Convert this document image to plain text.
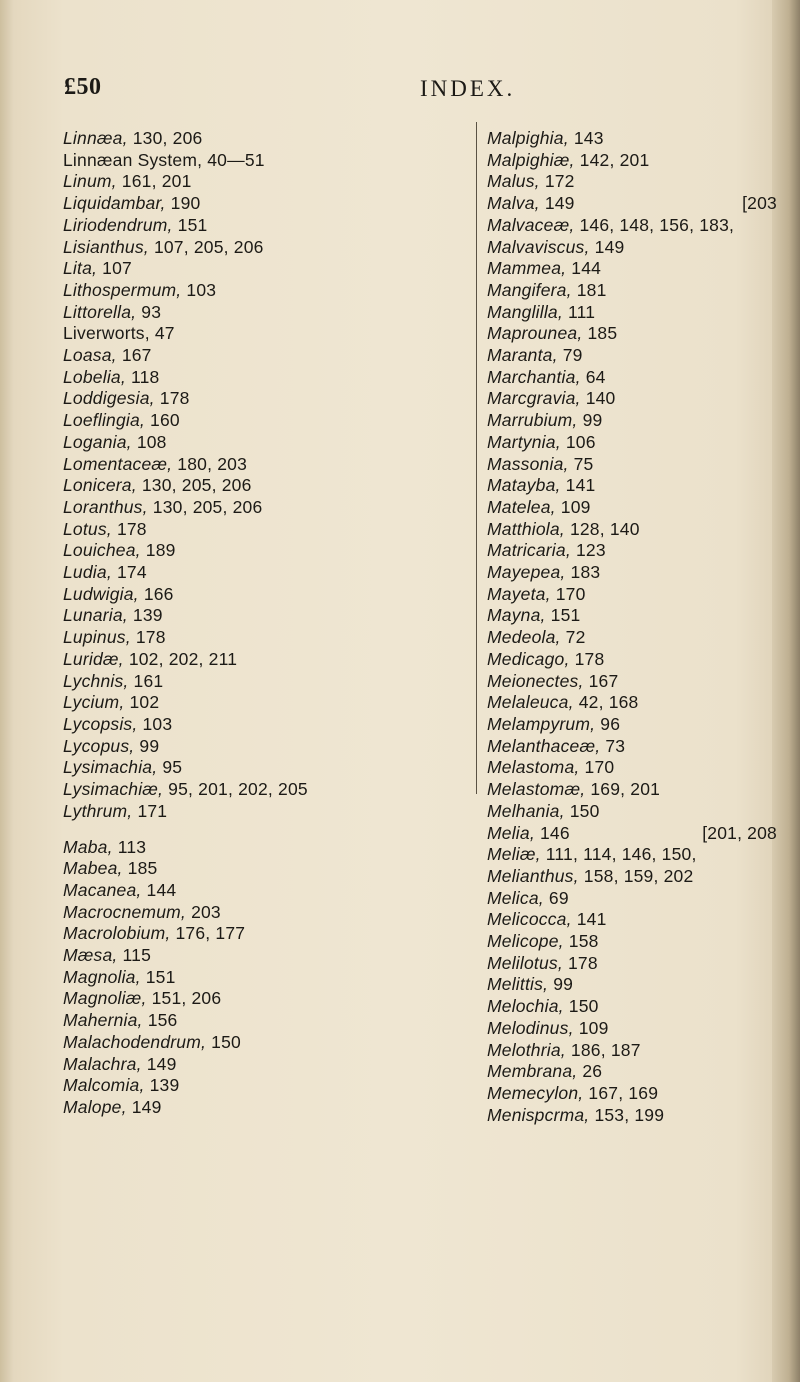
£50	INDEX.
Linnæa, 130, 206
Linnæan System, 40—51
Linum, 161, 201
Liquidambar, 190
Liriodendrum, 151
Lisianthus, 107, 205, 206
Lita, 107
Lithospermum, 103
Littorella, 93
Liverworts, 47
Loasa, 167
Lobelia, 118
Loddigesia, 178
Loeflingia, 160
Logania, 108
Lomentaceæ, 180, 203
Lonicera, 130, 205, 206
Loranthus, 130, 205, 206
Lotus, 178
Louichea, 189
Ludia, 174
Ludwigia, 166
Lunaria, 139
Lupinus, 178
Luridæ, 102, 202, 211
Lychnis, 161
Lycium, 102
Lycopsis, 103
Lycopus, 99
Lysimachia, 95
Lysimachiæ, 95, 201, 202, 205
Lythrum, 171
Maba, 113
Mabea, 185
Macanea, 144
Macrocnemum, 203
Macrolobium, 176, 177
Mæsa, 115
Magnolia, 151
Magnoliæ, 151, 206
Mahernia, 156
Malachodendrum, 150
Malachra, 149
Malcomia, 139
Malope, 149
Malpighia, 143
Malpighiæ, 142, 201
Malus, 172
Malva, 149	[203
Malvaceæ, 146, 148, 156, 183,
Malvaviscus, 149
Mammea, 144
Mangifera, 181
Manglilla, 111
Maprounea, 185
Maranta, 79
Marchantia, 64
Marcgravia, 140
Marrubium, 99
Martynia, 106
Massonia, 75
Matayba, 141
Matelea, 109
Matthiola, 128, 140
Matricaria, 123
Mayepea, 183
Mayeta, 170
Mayna, 151
Medeola, 72
Medicago, 178
Meionectes, 167
Melaleuca, 42, 168
Melampyrum, 96
Melanthaceæ, 73
Melastoma, 170
Melastomæ, 169, 201
Melhania, 150
Melia, 146	[201, 208
Meliæ, 111, 114, 146, 150,
Melianthus, 158, 159, 202
Melica, 69
Melicocca, 141
Melicope, 158
Melilotus, 178
Melittis, 99
Melochia, 150
Melodinus, 109
Melothria, 186, 187
Membrana, 26
Memecylon, 167, 169
Menispcrma, 153, 199
